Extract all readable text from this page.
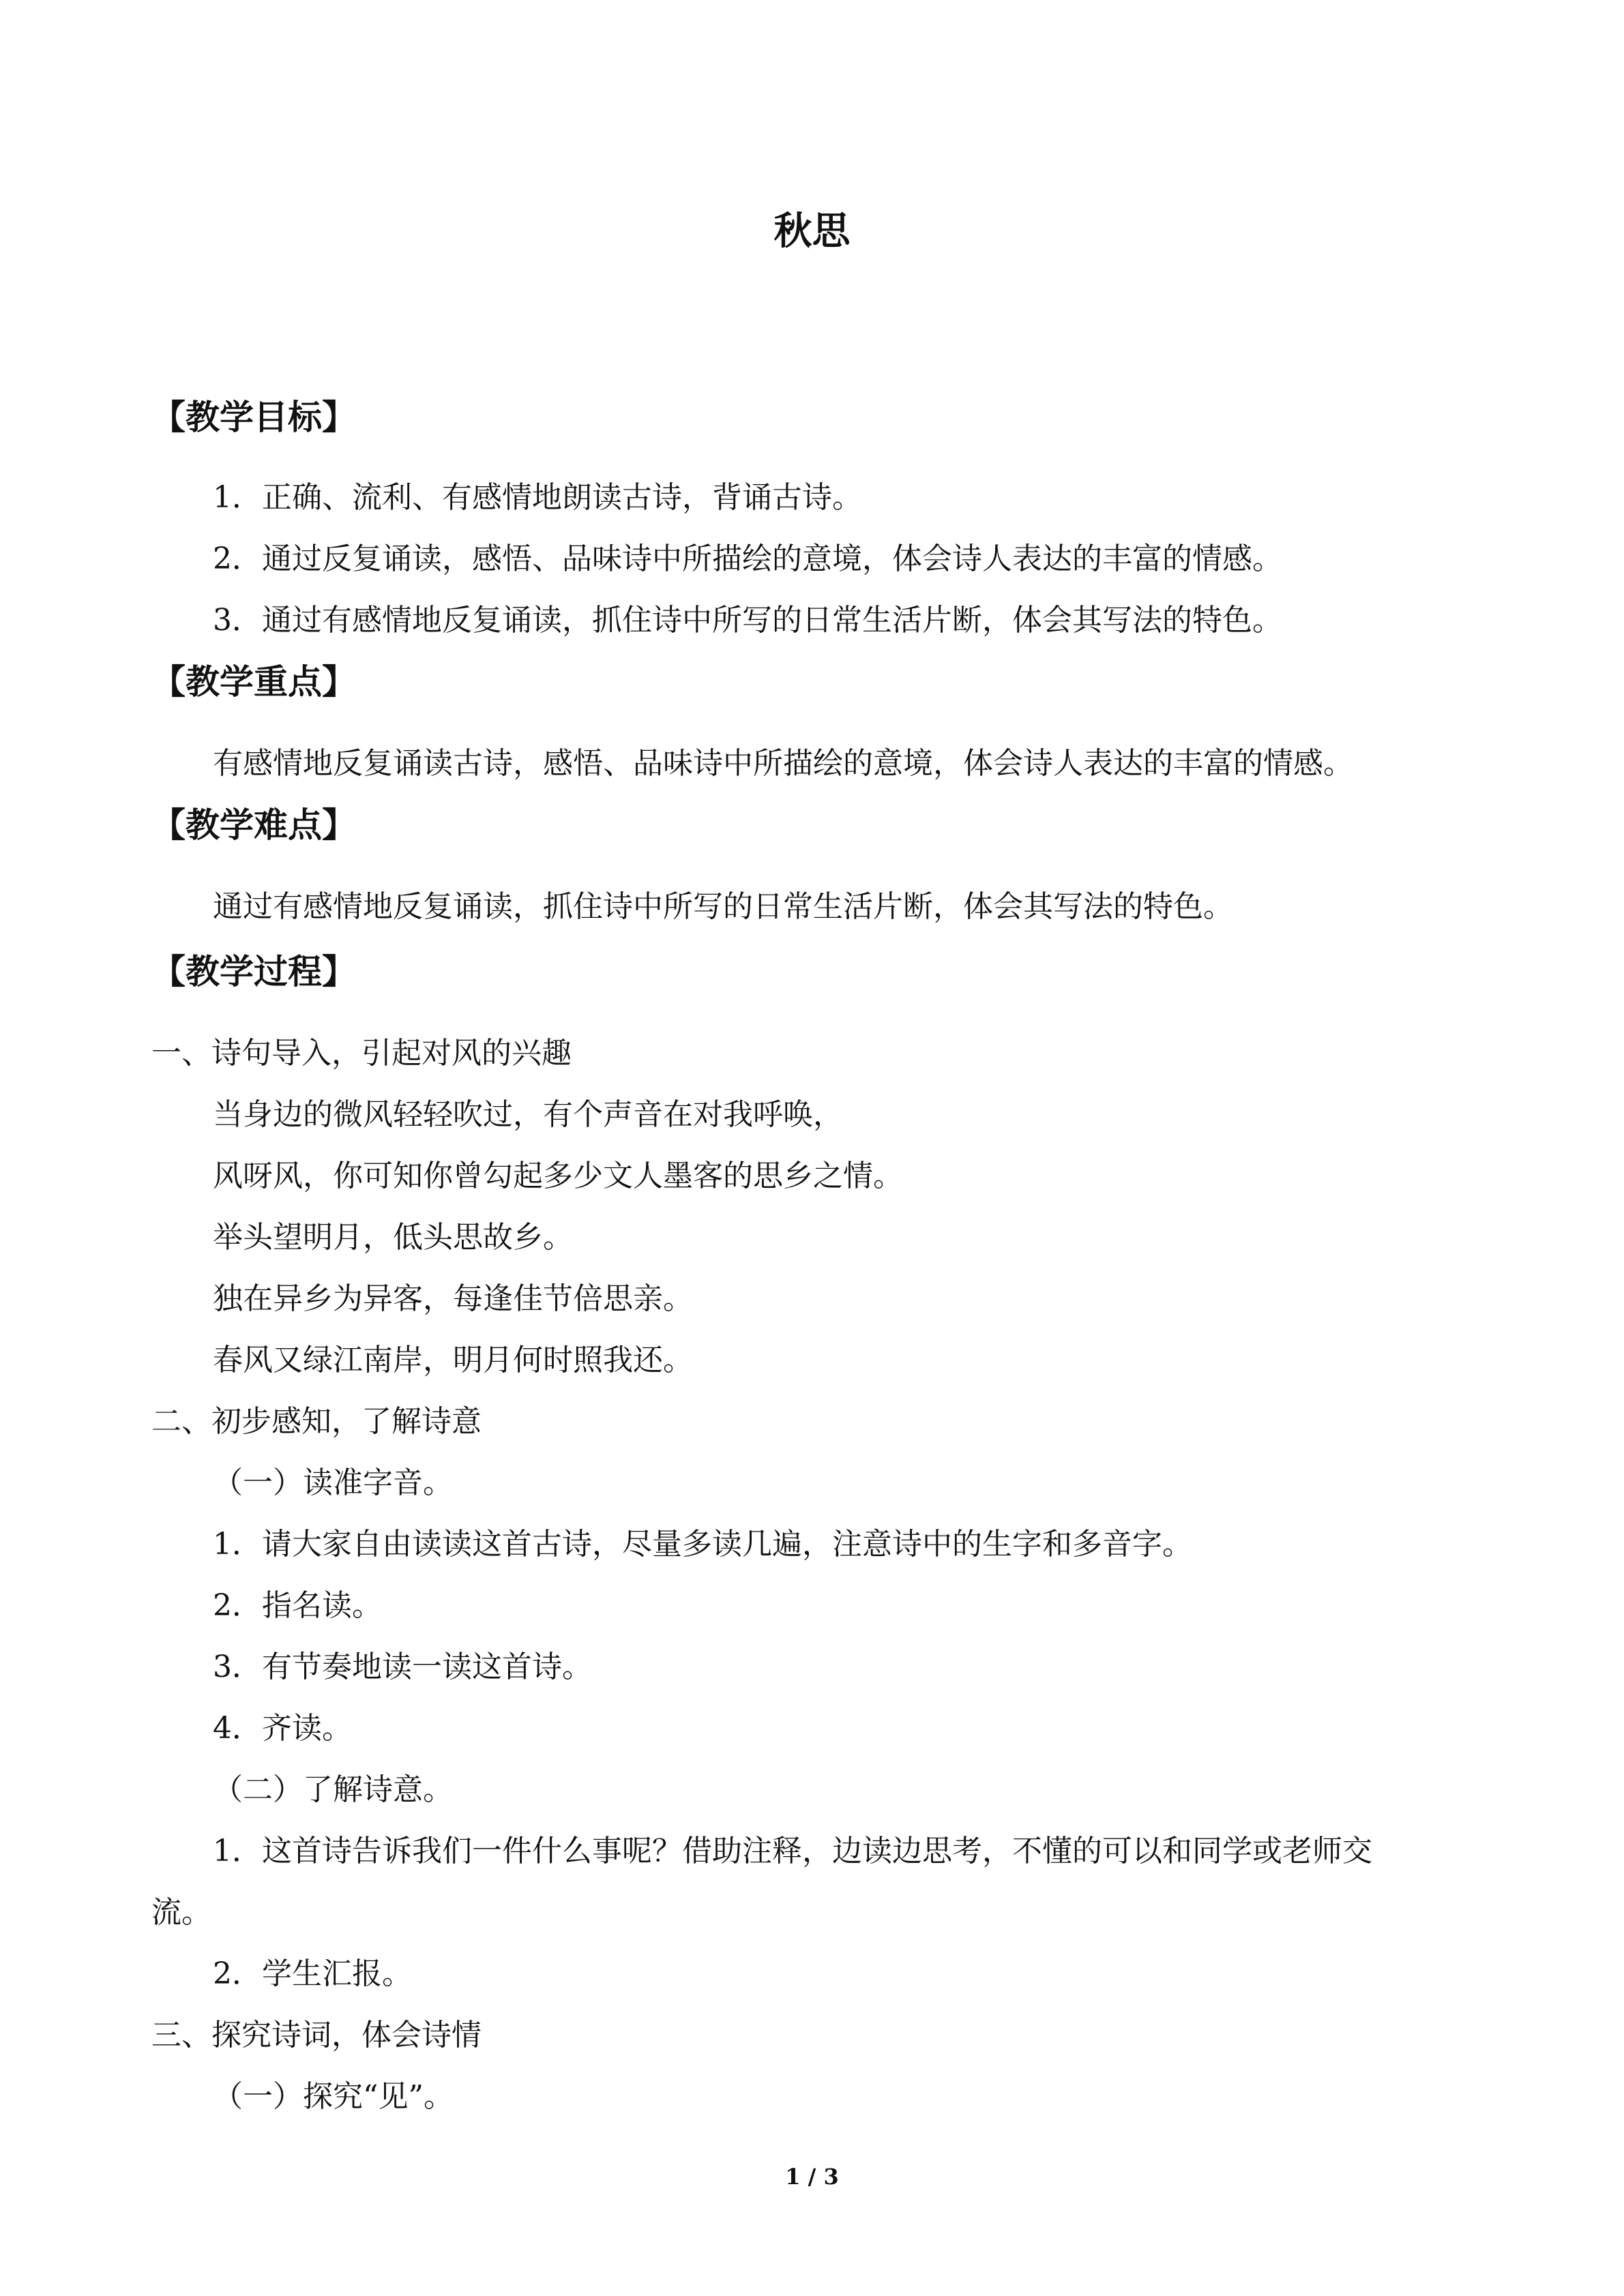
秋思
【教学目标】
1．正确、流利、有感情地朗读古诗，背诵古诗。
2．通过反复诵读，感悟、品味诗中所描绘的意境，体会诗人表达的丰富的情感。
3．通过有感情地反复诵读，抓住诗中所写的日常生活片断，体会其写法的特色。
【教学重点】
有感情地反复诵读古诗，感悟、品味诗中所描绘的意境，体会诗人表达的丰富的情感。
【教学难点】
通过有感情地反复诵读，抓住诗中所写的日常生活片断，体会其写法的特色。
【教学过程】
一、诗句导入，引起对风的兴趣
当身边的微风轻轻吹过，有个声音在对我呼唤，
风呀风，你可知你曾勾起多少文人墨客的思乡之情。
举头望明月，低头思故乡。
独在异乡为异客，每逢佳节倍思亲。
春风又绿江南岸，明月何时照我还。
二、初步感知，了解诗意
（一）读准字音。
1．请大家自由读读这首古诗，尽量多读几遍，注意诗中的生字和多音字。
2．指名读。
3．有节奏地读一读这首诗。
4．齐读。
（二）了解诗意。
1．这首诗告诉我们一件什么事呢？借助注释，边读边思考，不懂的可以和同学或老师交
流。
2．学生汇报。
三、探究诗词，体会诗情
（一）探究“见”。
1 / 3
